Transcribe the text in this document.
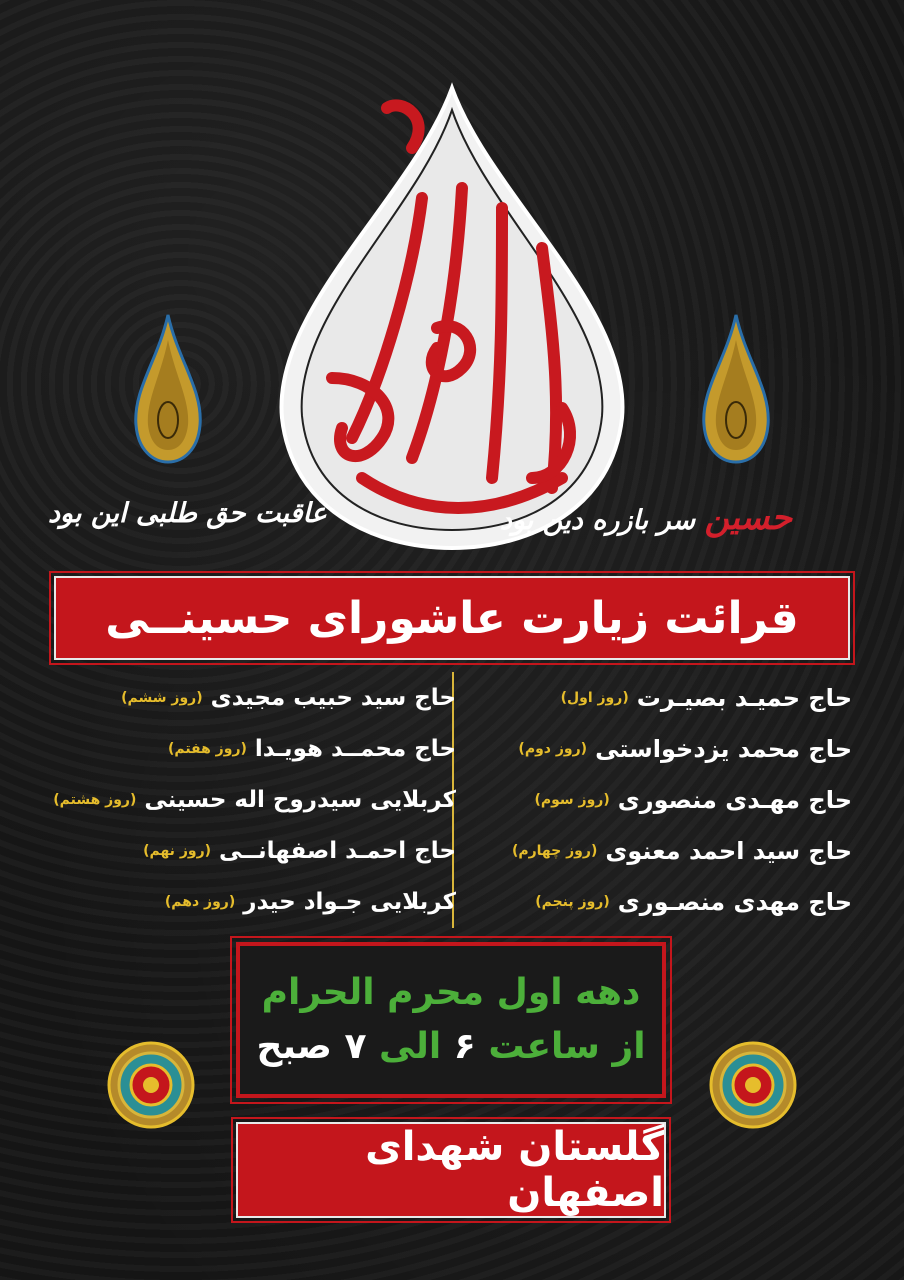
حسین سر بازره دین بود
عاقبت حق طلبی این بود
قرائت زیارت عاشورای حسینــی
حاج حمیـد بصیـرت
(روز اول)
حاج محمد یزدخواستی
(روز دوم)
حاج مهـدی منصوری
(روز سوم)
حاج سید احمد معنوی
(روز چهارم)
حاج مهدی منصـوری
(روز پنجم)
حاج سید حبیب مجیدی
(روز ششم)
حاج محمــد هویـدا
(روز هفتم)
کربلایی سیدروح اله حسینی
(روز هشتم)
حاج احمـد اصفهانــی
(روز نهم)
کربلایی جـواد حیدر
(روز دهم)
دهه اول محرم الحرام
از ساعت ۶ الی ۷ صبح
گلستان شهدای اصفهان
